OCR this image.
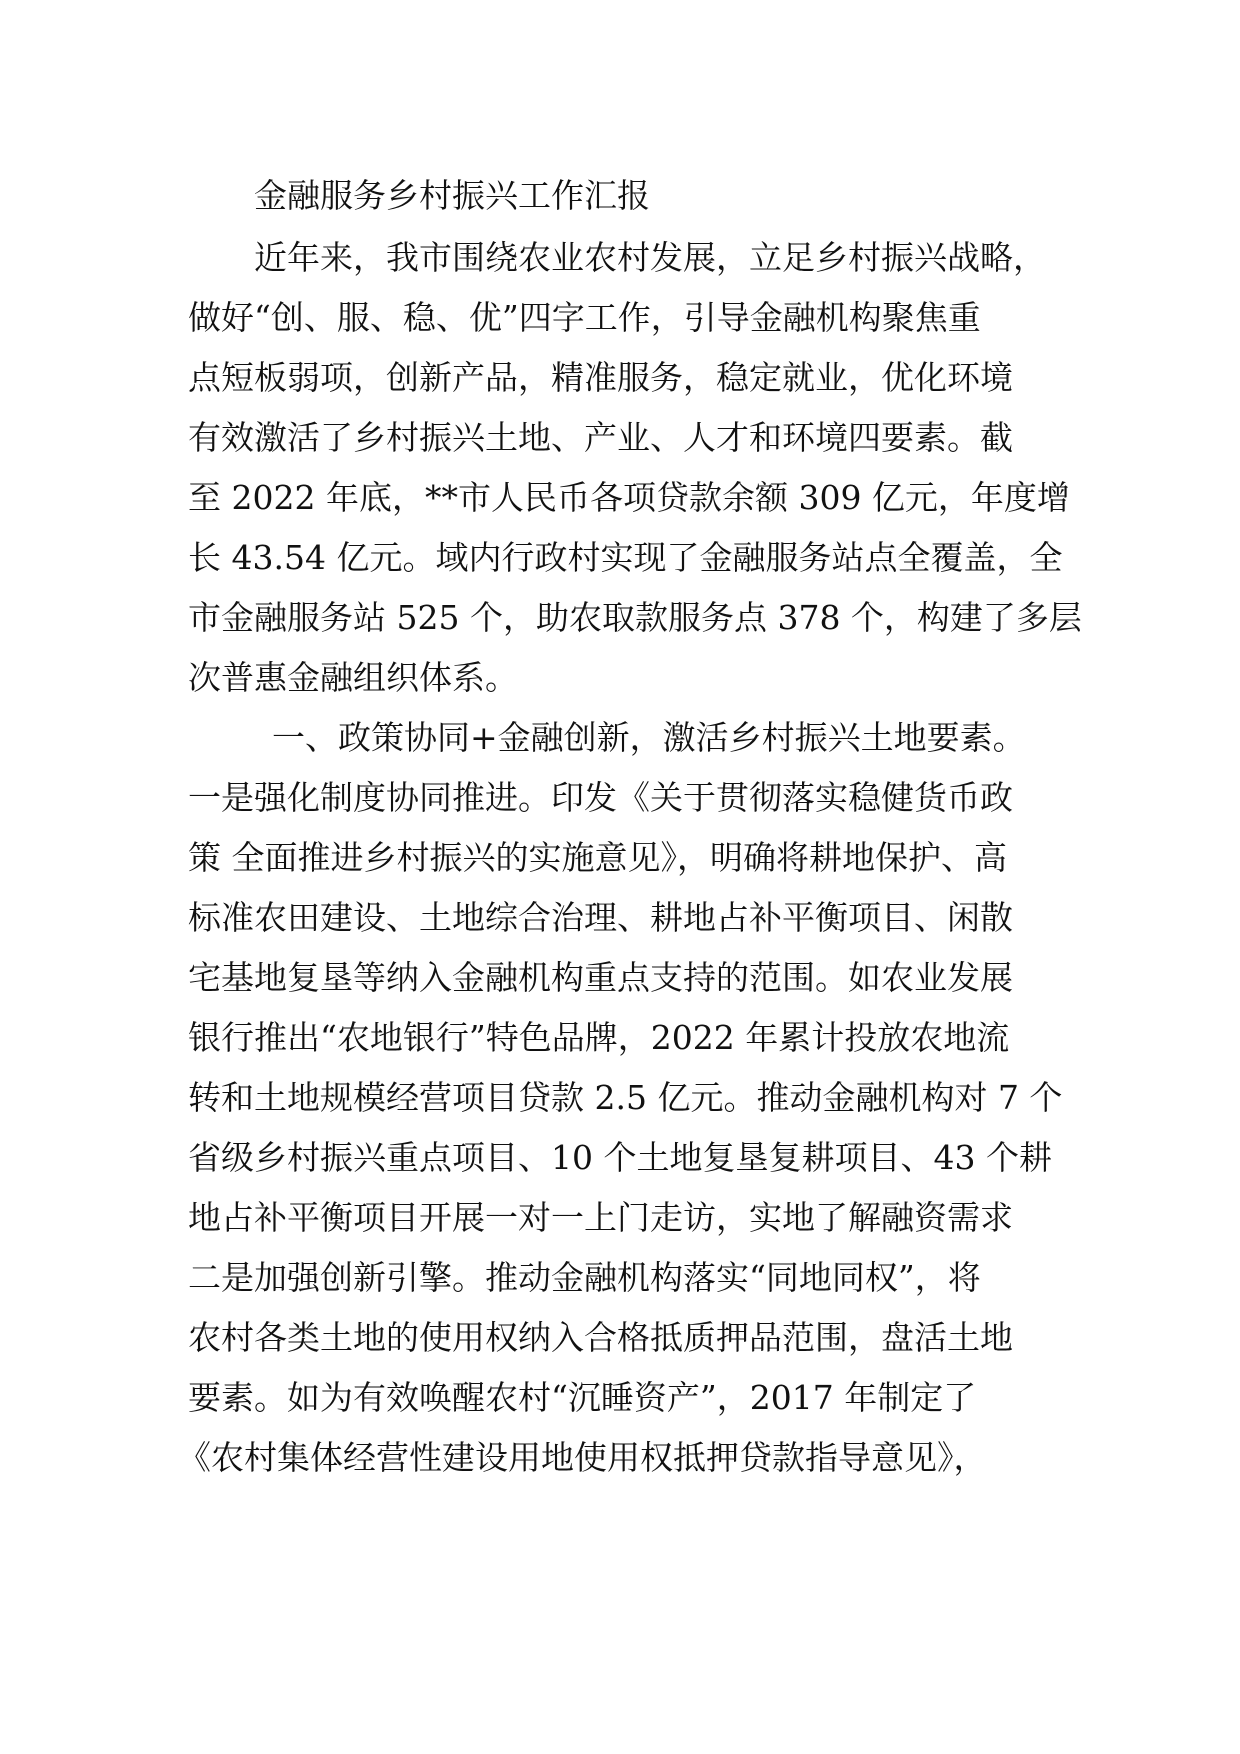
金融服务乡村振兴工作汇报
近年来，我市围绕农业农村发展，立足乡村振兴战略，
做好“创、服、稳、优”四字工作，引导金融机构聚焦重
点短板弱项，创新产品，精准服务，稳定就业，优化环境
有效激活了乡村振兴土地、产业、人才和环境四要素。截
至 2022 年底，**市人民币各项贷款余额 309 亿元，年度增
长 43.54 亿元。域内行政村实现了金融服务站点全覆盖，全
市金融服务站 525 个，助农取款服务点 378 个，构建了多层
次普惠金融组织体系。
一、政策协同+金融创新，激活乡村振兴土地要素。
一是强化制度协同推进。印发《关于贯彻落实稳健货币政
策 全面推进乡村振兴的实施意见》，明确将耕地保护、高
标准农田建设、土地综合治理、耕地占补平衡项目、闲散
宅基地复垦等纳入金融机构重点支持的范围。如农业发展
银行推出“农地银行”特色品牌，2022 年累计投放农地流
转和土地规模经营项目贷款 2.5 亿元。推动金融机构对 7 个
省级乡村振兴重点项目、10 个土地复垦复耕项目、43 个耕
地占补平衡项目开展一对一上门走访，实地了解融资需求
二是加强创新引擎。推动金融机构落实“同地同权”，将
农村各类土地的使用权纳入合格抵质押品范围，盘活土地
要素。如为有效唤醒农村“沉睡资产”，2017 年制定了
《农村集体经营性建设用地使用权抵押贷款指导意见》，
